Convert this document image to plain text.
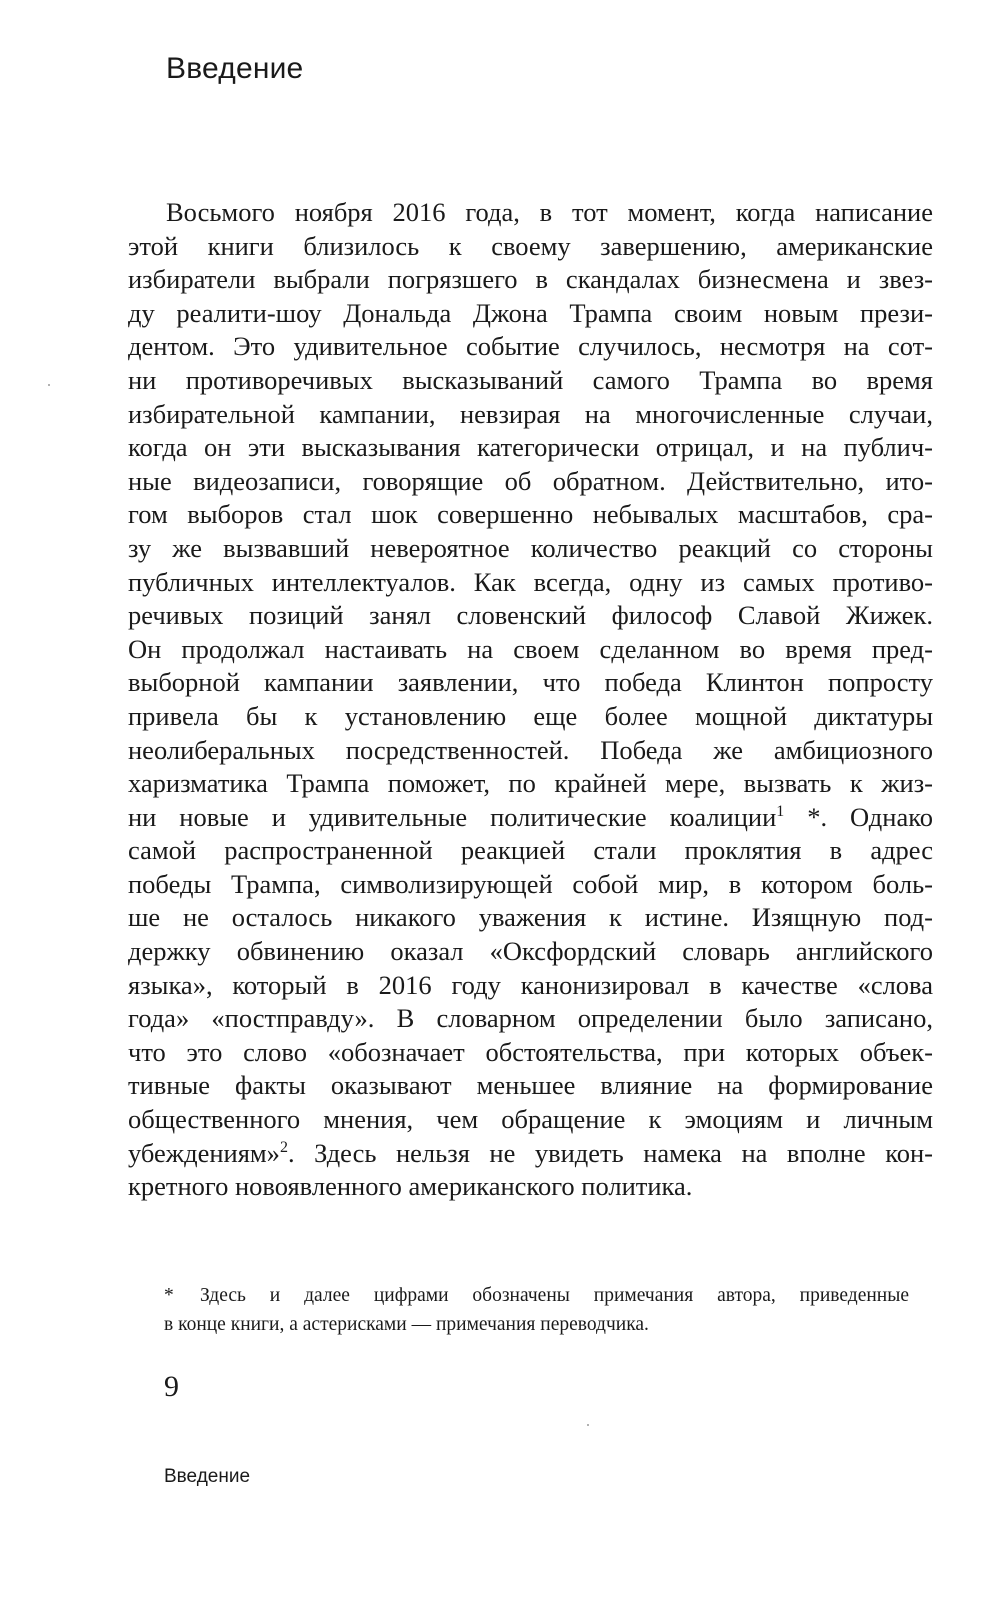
Введение
Восьмого ноября 2016 года, в тот момент, когда написание
этой книги близилось к своему завершению, американские
избиратели выбрали погрязшего в скандалах бизнесмена и звез-
ду реалити-шоу Дональда Джона Трампа своим новым прези-
дентом. Это удивительное событие случилось, несмотря на сот-
ни противоречивых высказываний самого Трампа во время
избирательной кампании, невзирая на многочисленные случаи,
когда он эти высказывания категорически отрицал, и на публич-
ные видеозаписи, говорящие об обратном. Действительно, ито-
гом выборов стал шок совершенно небывалых масштабов, сра-
зу же вызвавший невероятное количество реакций со стороны
публичных интеллектуалов. Как всегда, одну из самых противо-
речивых позиций занял словенский философ Славой Жижек.
Он продолжал настаивать на своем сделанном во время пред-
выборной кампании заявлении, что победа Клинтон попросту
привела бы к установлению еще более мощной диктатуры
неолиберальных посредственностей. Победа же амбициозного
харизматика Трампа поможет, по крайней мере, вызвать к жиз-
ни новые и удивительные политические коалиции$^1$ *. Однако
самой распространенной реакцией стали проклятия в адрес
победы Трампа, символизирующей собой мир, в котором боль-
ше не осталось никакого уважения к истине. Изящную под-
держку обвинению оказал «Оксфордский словарь английского
языка», который в 2016 году канонизировал в качестве «слова
года» «постправду». В словарном определении было записано,
что это слово «обозначает обстоятельства, при которых объек-
тивные факты оказывают меньшее влияние на формирование
общественного мнения, чем обращение к эмоциям и личным
убеждениям»$^2$. Здесь нельзя не увидеть намека на вполне кон-
кретного новоявленного американского политика.
* Здесь и далее цифрами обозначены примечания автора, приведенные
в конце книги, а астерисками — примечания переводчика.
9
Введение
